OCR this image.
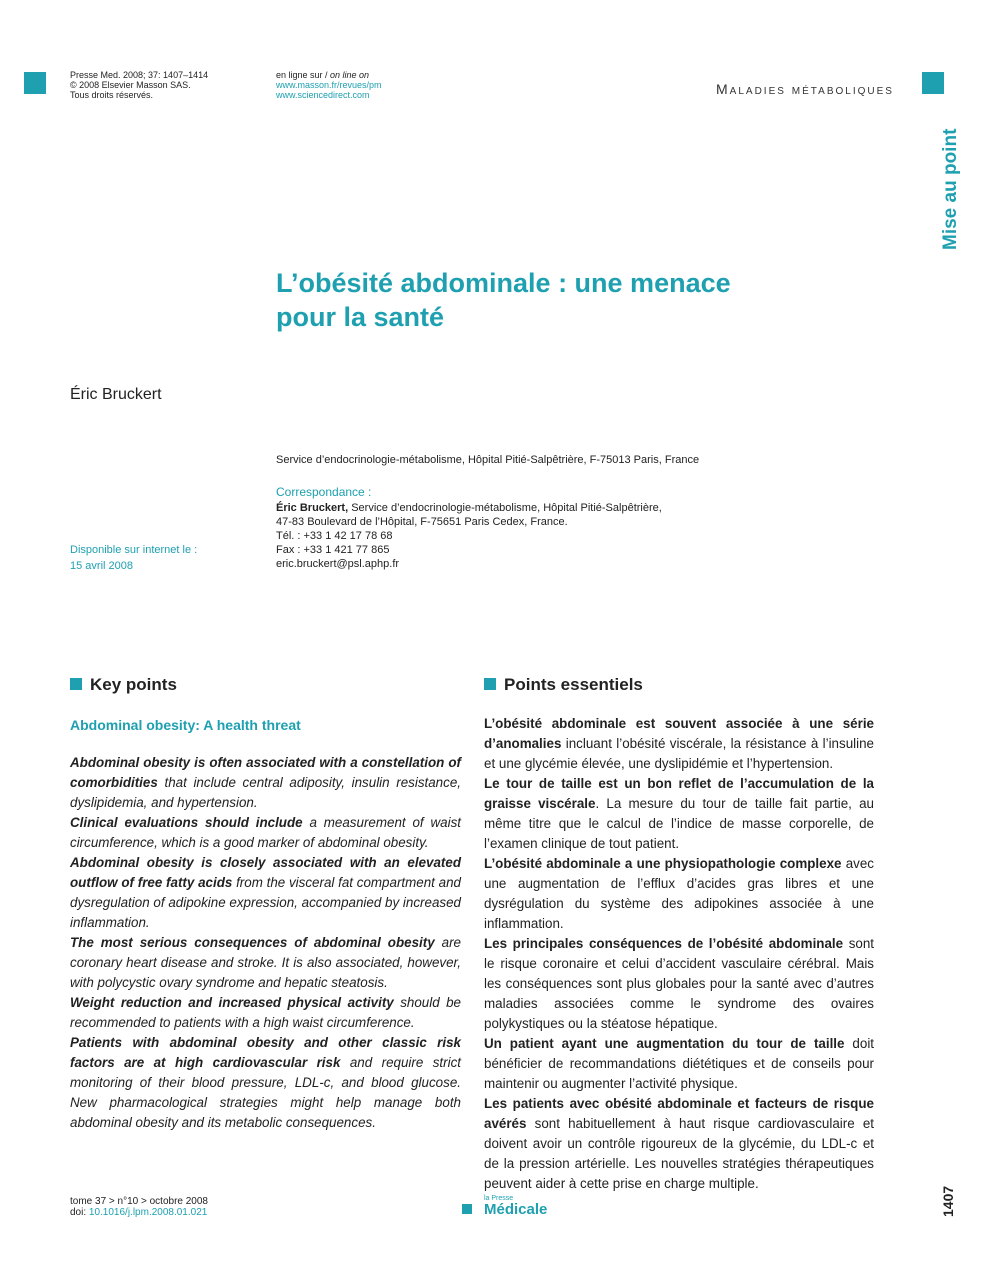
Presse Med. 2008; 37: 1407–1414
© 2008 Elsevier Masson SAS.
Tous droits réservés.
en ligne sur / on line on
www.masson.fr/revues/pm
www.sciencedirect.com	Maladies métaboliques
Mise au point
L’obésité abdominale : une menace
pour la santé
Éric Bruckert
Service d’endocrinologie-métabolisme, Hôpital Pitié-Salpêtrière, F-75013 Paris, France
Correspondance :
Éric Bruckert, Service d’endocrinologie-métabolisme, Hôpital Pitié-Salpêtrière,
47-83 Boulevard de l’Hôpital, F-75651 Paris Cedex, France.
Tél. : +33 1 42 17 78 68
Fax : +33 1 421 77 865
eric.bruckert@psl.aphp.fr
Disponible sur internet le :
15 avril 2008
Key points
Abdominal obesity: A health threat
Points essentiels

Abdominal obesity is often associated with a constellation of comorbidities that include central adiposity, insulin resistance, dyslipidemia, and hypertension.

Clinical evaluations should include a measurement of waist circumference, which is a good marker of abdominal obesity.

Abdominal obesity is closely associated with an elevated outflow of free fatty acids from the visceral fat compartment and dysregulation of adipokine expression, accompanied by increased inflammation.

The most serious consequences of abdominal obesity are coronary heart disease and stroke. It is also associated, however, with polycystic ovary syndrome and hepatic steatosis.

Weight reduction and increased physical activity should be recommended to patients with a high waist circumference.

Patients with abdominal obesity and other classic risk factors are at high cardiovascular risk and require strict monitoring of their blood pressure, LDL-c, and blood glucose. New pharmacological strategies might help manage both abdominal obesity and its metabolic consequences.

L’obésité abdominale est souvent associée à une série d’anomalies incluant l’obésité viscérale, la résistance à l’insuline et une glycémie élevée, une dyslipidémie et l’hypertension.

Le tour de taille est un bon reflet de l’accumulation de la graisse viscérale. La mesure du tour de taille fait partie, au même titre que le calcul de l’indice de masse corporelle, de l’examen clinique de tout patient.

L’obésité abdominale a une physiopathologie complexe avec une augmentation de l’efflux d’acides gras libres et une dysrégulation du système des adipokines associée à une inflammation.

Les principales conséquences de l’obésité abdominale sont le risque coronaire et celui d’accident vasculaire cérébral. Mais les conséquences sont plus globales pour la santé avec d’autres maladies associées comme le syndrome des ovaires polykystiques ou la stéatose hépatique.

Un patient ayant une augmentation du tour de taille doit bénéficier de recommandations diététiques et de conseils pour maintenir ou augmenter l’activité physique.

Les patients avec obésité abdominale et facteurs de risque avérés sont habituellement à haut risque cardiovasculaire et doivent avoir un contrôle rigoureux de la glycémie, du LDL-c et de la pression artérielle. Les nouvelles stratégies thérapeutiques peuvent aider à cette prise en charge multiple.

tome 37 > n°10 > octobre 2008
doi: 10.1016/j.lpm.2008.01.021
la Presse
Médicale	1407
